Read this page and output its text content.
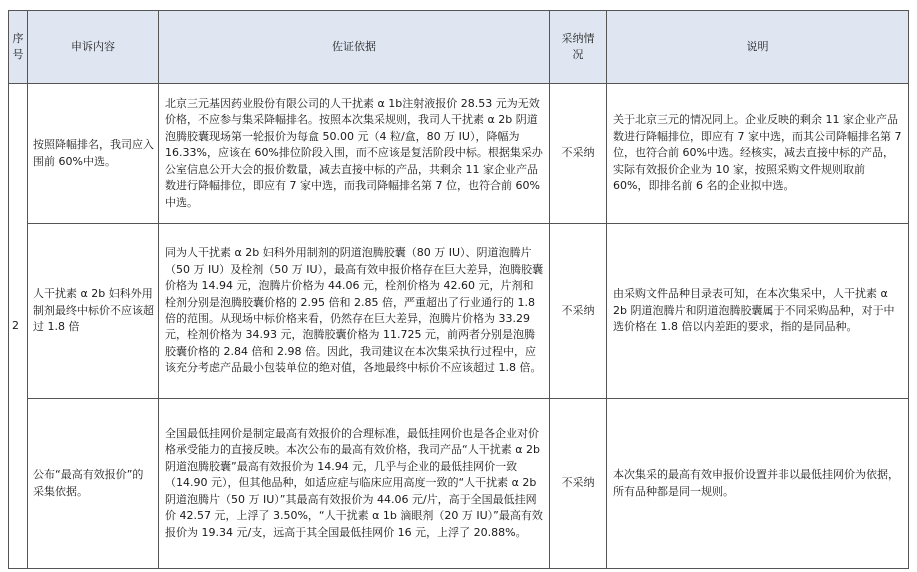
序号	申诉内容	佐证依据	采纳情况	说明
2	按照降幅排名，我司应入围前 60%中选。	北京三元基因药业股份有限公司的人干扰素 α 1b注射液报价 28.53 元为无效价格，不应参与集采降幅排名。按照本次集采规则，我司人干扰素 α 2b 阴道泡腾胶囊现场第一轮报价为每盒 50.00 元（4 粒/盒，80 万 IU），降幅为 16.33%，应该在 60%排位阶段入围，而不应该是复活阶段中标。根据集采办公室信息公开大会的报价数量，减去直接中标的产品，共剩余 11 家企业产品数进行降幅排位，即应有 7 家中选，而我司降幅排名第 7 位，也符合前 60%中选。	不采纳	关于北京三元的情况同上。企业反映的剩余 11 家企业产品数进行降幅排位，即应有 7 家中选，而其公司降幅排名第 7 位，也符合前 60%中选。经核实，减去直接中标的产品，实际有效报价企业为 10 家，按照采购文件规则取前 60%，即排名前 6 名的企业拟中选。
	人干扰素 α 2b 妇科外用制剂最终中标价不应该超过 1.8 倍	同为人干扰素 α 2b 妇科外用制剂的阴道泡腾胶囊（80 万 IU）、阴道泡腾片（50 万 IU）及栓剂（50 万 IU），最高有效申报价格存在巨大差异，泡腾胶囊价格为 14.94 元，泡腾片价格为 44.06 元，栓剂价格为 42.60 元，片剂和栓剂分别是泡腾胶囊价格的 2.95 倍和 2.85 倍，严重超出了行业通行的 1.8 倍的范围。从现场中标价格来看，仍然存在巨大差异，泡腾片价格为 33.29 元，栓剂价格为 34.93 元，泡腾胶囊价格为 11.725 元，前两者分别是泡腾胶囊价格的 2.84 倍和 2.98 倍。因此，我司建议在本次集采执行过程中，应该充分考虑产品最小包装单位的绝对值，各地最终中标价不应该超过 1.8 倍。	不采纳	由采购文件品种目录表可知，在本次集采中，人干扰素 α 2b 阴道泡腾片和阴道泡腾胶囊属于不同采购品种，对于中选价格在 1.8 倍以内差距的要求，指的是同品种。
	公布“最高有效报价”的采集依据。	全国最低挂网价是制定最高有效报价的合理标准，最低挂网价也是各企业对价格承受能力的直接反映。本次公布的最高有效价格，我司产品“人干扰素 α 2b 阴道泡腾胶囊”最高有效报价为 14.94 元，几乎与企业的最低挂网价一致（14.90 元），但其他品种，如适应症与临床应用高度一致的“人干扰素 α 2b 阴道泡腾片（50 万 IU）”其最高有效报价为 44.06 元/片，高于全国最低挂网价 42.57 元，上浮了 3.50%，“人干扰素 α 1b 滴眼剂（20 万 IU）”最高有效报价为 19.34 元/支，远高于其全国最低挂网价 16 元，上浮了 20.88%。	不采纳	本次集采的最高有效申报价设置并非以最低挂网价为依据，所有品种都是同一规则。
